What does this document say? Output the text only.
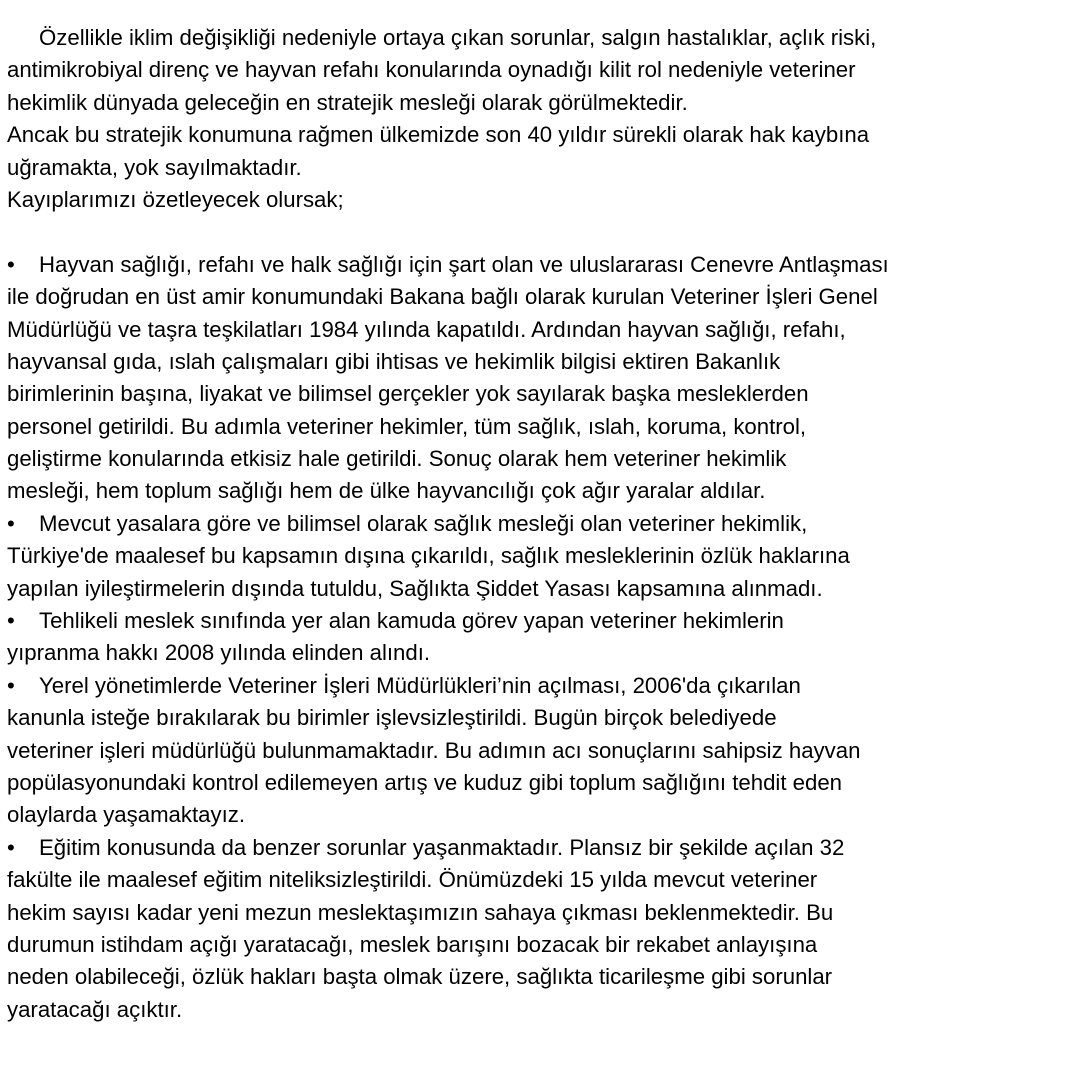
Özellikle iklim değişikliği nedeniyle ortaya çıkan sorunlar, salgın hastalıklar, açlık riski,
antimikrobiyal direnç ve hayvan refahı konularında oynadığı kilit rol nedeniyle veteriner
hekimlik dünyada geleceğin en stratejik mesleği olarak görülmektedir.
Ancak bu stratejik konumuna rağmen ülkemizde son 40 yıldır sürekli olarak hak kaybına
uğramakta, yok sayılmaktadır.
Kayıplarımızı özetleyecek olursak;
• Hayvan sağlığı, refahı ve halk sağlığı için şart olan ve uluslararası Cenevre Antlaşması
ile doğrudan en üst amir konumundaki Bakana bağlı olarak kurulan Veteriner İşleri Genel
Müdürlüğü ve taşra teşkilatları 1984 yılında kapatıldı. Ardından hayvan sağlığı, refahı,
hayvansal gıda, ıslah çalışmaları gibi ihtisas ve hekimlik bilgisi ektiren Bakanlık
birimlerinin başına, liyakat ve bilimsel gerçekler yok sayılarak başka mesleklerden
personel getirildi. Bu adımla veteriner hekimler, tüm sağlık, ıslah, koruma, kontrol,
geliştirme konularında etkisiz hale getirildi. Sonuç olarak hem veteriner hekimlik
mesleği, hem toplum sağlığı hem de ülke hayvancılığı çok ağır yaralar aldılar.
• Mevcut yasalara göre ve bilimsel olarak sağlık mesleği olan veteriner hekimlik,
Türkiye'de maalesef bu kapsamın dışına çıkarıldı, sağlık mesleklerinin özlük haklarına
yapılan iyileştirmelerin dışında tutuldu, Sağlıkta Şiddet Yasası kapsamına alınmadı.
• Tehlikeli meslek sınıfında yer alan kamuda görev yapan veteriner hekimlerin
yıpranma hakkı 2008 yılında elinden alındı.
• Yerel yönetimlerde Veteriner İşleri Müdürlükleri’nin açılması, 2006'da çıkarılan
kanunla isteğe bırakılarak bu birimler işlevsizleştirildi. Bugün birçok belediyede
veteriner işleri müdürlüğü bulunmamaktadır. Bu adımın acı sonuçlarını sahipsiz hayvan
popülasyonundaki kontrol edilemeyen artış ve kuduz gibi toplum sağlığını tehdit eden
olaylarda yaşamaktayız.
• Eğitim konusunda da benzer sorunlar yaşanmaktadır. Plansız bir şekilde açılan 32
fakülte ile maalesef eğitim niteliksizleştirildi. Önümüzdeki 15 yılda mevcut veteriner
hekim sayısı kadar yeni mezun meslektaşımızın sahaya çıkması beklenmektedir. Bu
durumun istihdam açığı yaratacağı, meslek barışını bozacak bir rekabet anlayışına
neden olabileceği, özlük hakları başta olmak üzere, sağlıkta ticarileşme gibi sorunlar
yaratacağı açıktır.
